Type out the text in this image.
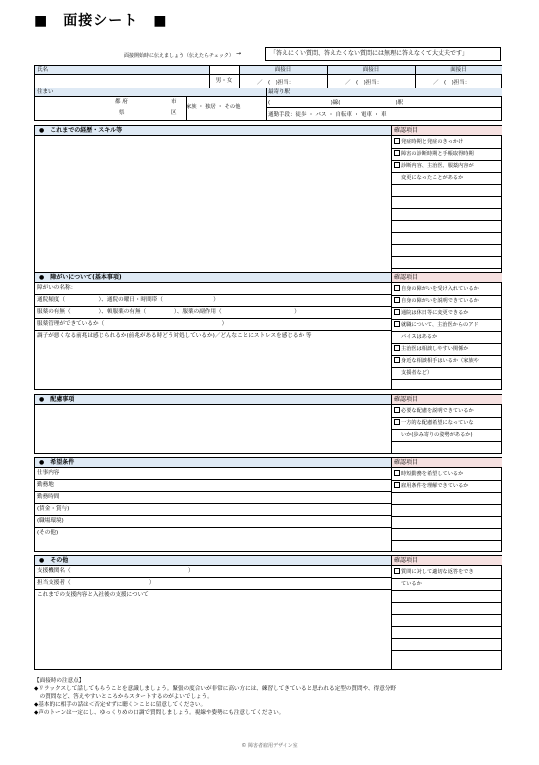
■　面接シート　■
面接開始時に伝えましょう（伝えたらチェック） →	「答えにくい質問、答えたくない質問には無理に答えなくて大丈夫です」
氏名
男・女
面接日	面接日	面接日
／　(　)担当：	／　(　)担当：	／　(　)担当：
住まい
都 府
県
市
区
家族 ・ 独居 ・ その他
最寄り駅
(　　　　　　　　　　　)線(　　　　　　　　　　)駅
通勤手段：徒歩 ・ バス ・ 自転車 ・ 電車 ・ 車
●　これまでの経歴・スキル等	確認項目
発症時期と発症のきっかけ
障害の診断時期と手帳取得時期
診断内容、主治医、服薬内容が
変更になったことがあるか
●　障がいについて(基本事項)	確認項目
障がいの名称：
通院頻度（　　　　　　）、通院の曜日・時間帯（　　　　　　　　　）
服薬の有無（　　　　　）、頓服薬の有無（　　　　　）、服薬の副作用（　　　　　　　　　　　　　）
服薬管理ができているか（　　　　　　　　　　　　　　　　　　　　　）
調子が悪くなる前兆は感じられるか(前兆がある時どう対処しているか)／どんなことにストレスを感じるか 等
自身の障がいを受け入れているか
自身の障がいを説明できているか
通院は休日等に変更できるか
就職について、主治医からのアド
バイスはあるか
主治医は相談しやすい関係か
身近な相談相手はいるか（家族や
支援者など）
●　配慮事項	確認項目
必要な配慮を説明できているか
一方的な配慮希望になっていな
いか(歩み寄りの姿勢があるか)
●　希望条件	確認項目
仕事内容
勤務地
勤務時間
(賃金・賞与)
(職場環境)
(その他)
時短勤務を希望しているか
雇用条件を理解できているか
●　その他	確認項目
支援機関名（　　　　　　　　　　　　　　　　　　　　　）
担当支援者（　　　　　　　　　　　　　　）
これまでの支援内容と入社後の支援について
質問に対して適切な返答をでき
ているか
【面接時の注意点】
◆リラックスして話してもらうことを意識しましょう。緊張の度合いが非常に高い方には、練習してきていると思われる定型の質問や、得意分野
　の質問など、答えやすいところからスタートするのがよいでしょう。
◆基本的に相手の話は＜否定せずに聴く＞ことに留意してください。
◆声のトーンは一定にし、ゆっくりめの口調で質問しましょう。視線や姿勢にも注意してください。
© 障害者雇用デザイン室
